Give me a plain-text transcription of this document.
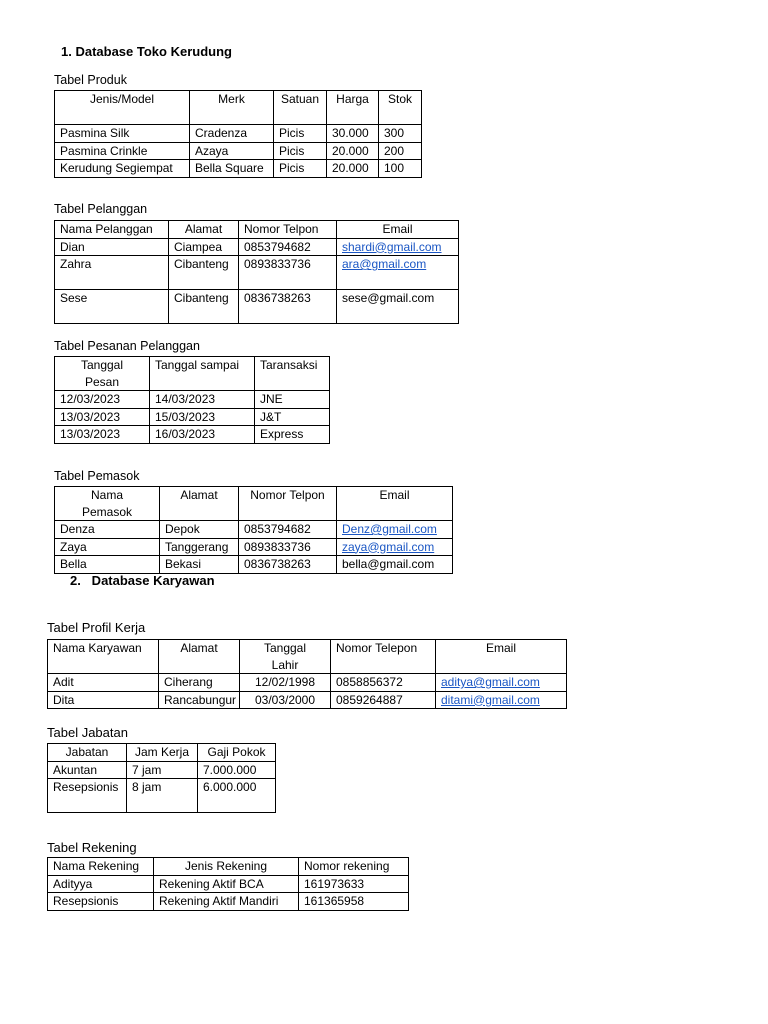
1. Database Toko Kerudung
Tabel Produk
Jenis/Model	Merk	Satuan	Harga	Stok
Pasmina Silk	Cradenza	Picis	30.000	300
Pasmina Crinkle	Azaya	Picis	20.000	200
Kerudung Segiempat	Bella Square	Picis	20.000	100
Tabel Pelanggan
Nama Pelanggan	Alamat	Nomor Telpon	Email
Dian	Ciampea	0853794682	shardi@gmail.com
Zahra	Cibanteng	0893833736	ara@gmail.com
Sese	Cibanteng	0836738263	sese@gmail.com
Tabel Pesanan Pelanggan
Tanggal Pesan	Tanggal sampai	Taransaksi
12/03/2023	14/03/2023	JNE
13/03/2023	15/03/2023	J&T
13/03/2023	16/03/2023	Express
Tabel Pemasok
Nama Pemasok	Alamat	Nomor Telpon	Email
Denza	Depok	0853794682	Denz@gmail.com
Zaya	Tanggerang	0893833736	zaya@gmail.com
Bella	Bekasi	0836738263	bella@gmail.com
2.   Database Karyawan
Tabel Profil Kerja
Nama Karyawan	Alamat	Tanggal Lahir	Nomor Telepon	Email
Adit	Ciherang	12/02/1998	0858856372	aditya@gmail.com
Dita	Rancabungur	03/03/2000	0859264887	ditami@gmail.com
Tabel Jabatan
Jabatan	Jam Kerja	Gaji Pokok
Akuntan	7 jam	7.000.000
Resepsionis	8 jam	6.000.000
Tabel Rekening
Nama Rekening	Jenis Rekening	Nomor rekening
Adityya	Rekening Aktif BCA	161973633
Resepsionis	Rekening Aktif Mandiri	161365958
